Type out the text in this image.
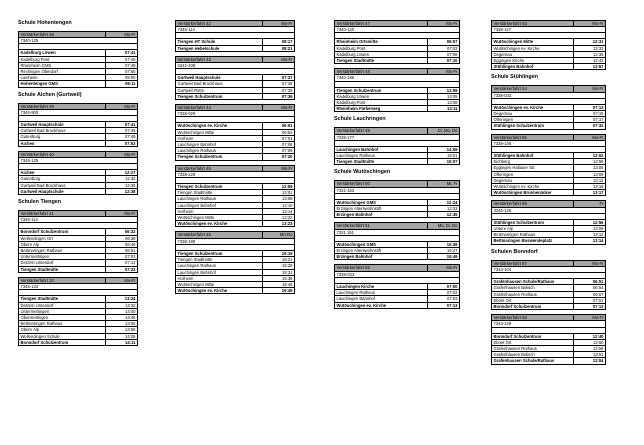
Schule Hohentengen
Verstärkerfahrt 38	Mo-Fr
7340-125	

Kadelburg Löwen	07:41
Kadelburg Post	07:45
Rheinheim GMS	07:49
Reckingen Oberdorf	07:55
Lienheim	08:00
Hohentengen GMS	08:11
Schule Aichen (Gurtweil)
Verstärkerfahrt 39	Mo-Fr
7345-900	

Gurtweil Hauptschule	07:41
Gurtweil Bad Bruckhaus	07:45
Gutenburg	07:49
Aichen	07:53
Verstärkerfahrt 40	Mo-Fr
7345-125	

Aichen	12:27
Gutenburg	12:32
Gurtweil Bad Bruckhaus	12:36
Gurtweil Hauptschule	12:38
Schulen Tiengen
Verstärkerfahrt 41	Mo-Fr
7345-114	

Bonndorf Schulzentrum	06:32
Wellendingen Ort	06:39
Obere Alp	06:46
Bettmaringen Rathaus	06:51
Untermettingen	07:03
Detzeln Unterdorf	07:12
Tiengen Stadtmitte	07:22
Verstärkerfahrt 32	Mo-Fr
7345-133	

Tiengen Stadtmitte	13:24
Detzeln Unterdorf	13:32
Untermettingen	13:40
Obermettingen	13:46
Bettmaringen Rathaus	13:55
Obere Alp	13:59
Wellendingen Schule	14:05
Bonndorf Schulzentrum	14:11
Verstärkerfahrt 42	Mo-Fr
7345-114	

Tiengen HT Schule	08:17
Tiengen Hebelschule	08:21
Verstärkerfahrt 43	Mo-Fr
3242-108	

Gurtweil Hauptschule	07:27
Gurtweil Bad Bruckhaus	07:28
Gurtweil Rütte	07:29
Tiengen Schulzentrum	07:36
Verstärkerfahrt 44	Mo-Fr
7338-029	

Wutöschingen ev. Kirche	06:51
Wutöschingen Mitte	06:52
Horheim	07:01
Lauchingen Bahnhof	07:06
Lauchingen Rathaus	07:09
Tiengen Schulzentrum	07:20
Verstärkerfahrt 45	Mo-Fr
7338-129	

Tiengen Schulzentrum	12:59
Tiengen Stadtmitte	13:01
Lauchingen Rathaus	13:08
Lauchingen Bahnhof	13:10
Horheim	13:14
Wutöschingen Mitte	13:22
Wutöschingen ev. Kirche	13:23
Verstärkerfahrt 46	Mo-Do
7338-189	

Tiengen Schulzentrum	15:19
Tiengen Stadtmitte	15:21
Lauchingen Rathaus	15:28
Lauchingen Bahnhof	15:31
Horheim	15:36
Wutöschingen Mitte	15:45
Wutöschingen ev. Kirche	15:49
Verstärkerfahrt 47	Mo-Fr
7340-120	

Rheinheim Ortsmitte	06:57
Kadelburg Post	07:03
Kadelburg Löwen	07:06
Tiengen Stadtmitte	07:10
Verstärkerfahrt 48	Mo-Fr
7340-185	

Tiengen Schulzentrum	12:59
Kadelburg Löwen	13:05
Kadelburg Post	13:08
Rheinheim Färberweg	13:11
Schule Lauchringen
Verstärkerfahrt 49	Di, Mo, Do
7338-177	

Lauchingen Bahnhof	14:59
Lauchingen Rathaus	15:01
Tiengen Stadtmitte	15:07
Schule Wutöschingen
Verstärkerfahrt 50	Mi, Fr
7331-153	

Wutöschingen GMS	12:24
Erzingen Alterswohnstift	12:33
Erzingen Bahnhof	12:35
Verstärkerfahrt 51	Mo, Di, Do
7331 191	

Wutöschingen GMS	15:38
Erzingen Alterswohnstift	15:47
Erzingen Bahnhof	15:49
Verstärkerfahrt 52	Mo-Fr
7338-033	

Lauchingen Kirche	07:00
Lauchingen Rathaus	07:02
Lauchingen Bahnhof	07:03
Wutöschingen ev. Kirche	07:13
Verstärkerfahrt 53	Mo-Fr
7338-117	

Wutöschingen Mitte	12:31
Wutöschingen ev. Kirche	12:33
Degernau	12:35
Eggingen Kirche	12:42
Stühlingen Bahnhof	12:57
Schule Stühlingen
Verstärkerfahrt 54	Mo-Fr
7338-033	

Wutöschingen ev. Kirche	07:13
Degernau	07:15
Ofteringen	07:17
Stühlingen Schulzentrum	07:32
Verstärkerfahrt 55	Mo-Fr
7338-140	

Stühlingen Bahnhof	12:52
Eichberg	12:58
Eggingen Hallauer Str.	13:06
Ofteringen	13:09
Degernau	13:12
Wutöschingen ev. Kirche	13:16
Wutöschingen Brunnenäcker	13:17
Verstärkerfahrt 56	Fr
3245-125	

Stühlingen Schulzentrum	12:56
Untere Alp	13:06
Bettmaringen Rathaus	13:12
Bettmaringen Buswendeplatz	13:14
Schulen Bonndorf
Verstärkerfahrt 57	Mo-Fr
7343-104	

Grafenhausen Schule/Rathaus	06:51
Grafenhausen Bolisch	06:54
Grafenhausen Rothaus	06:57
Ebnet Ort	07:01
Bonndorf Schulzentrum	07:13
Verstärkerfahrt 58	Mo-Fr
7343-129	

Bonndorf Schulzentrum	12:40
Ebnet Ort	12:50
Grafenhausen Rothaus	12:56
Grafenhausen Bolisch	13:01
Grafenhausen Schule/Rathaus	13:04
